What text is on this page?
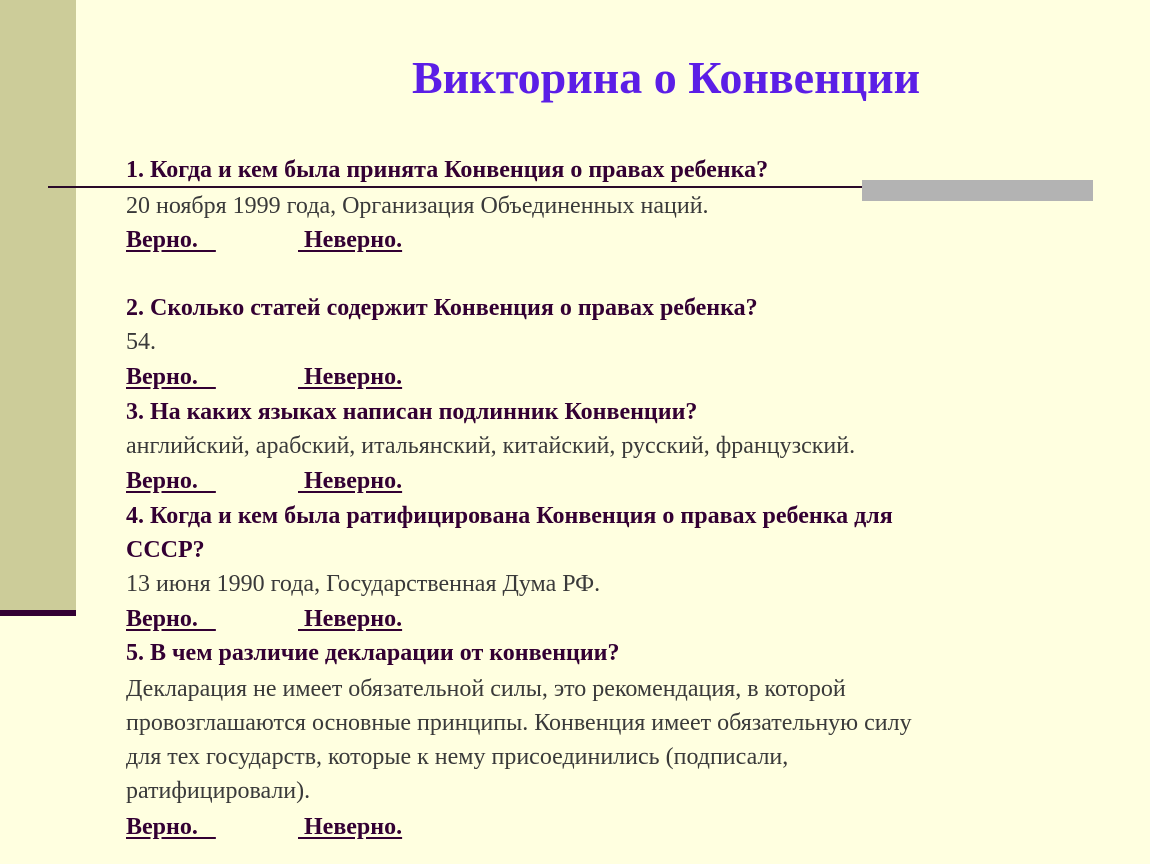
Викторина о Конвенции
1. Когда и кем была принята Конвенция о правах ребенка?
20 ноября 1999 года, Организация Объединенных наций.
Верно.	Неверно.
2. Сколько статей содержит Конвенция о правах ребенка?
54.
Верно.	Неверно.
3. На каких языках написан подлинник Конвенции?
английский, арабский, итальянский, китайский, русский, французский.
Верно.	Неверно.
4. Когда и кем была ратифицирована Конвенция о правах ребенка для
СССР?
13 июня 1990 года, Государственная Дума РФ.
Верно.	Неверно.
5. В чем различие декларации от конвенции?
Декларация не имеет обязательной силы, это рекомендация, в которой
провозглашаются основные принципы. Конвенция имеет обязательную силу
для тех государств, которые к нему присоединились (подписали,
ратифицировали).
Верно.	Неверно.
